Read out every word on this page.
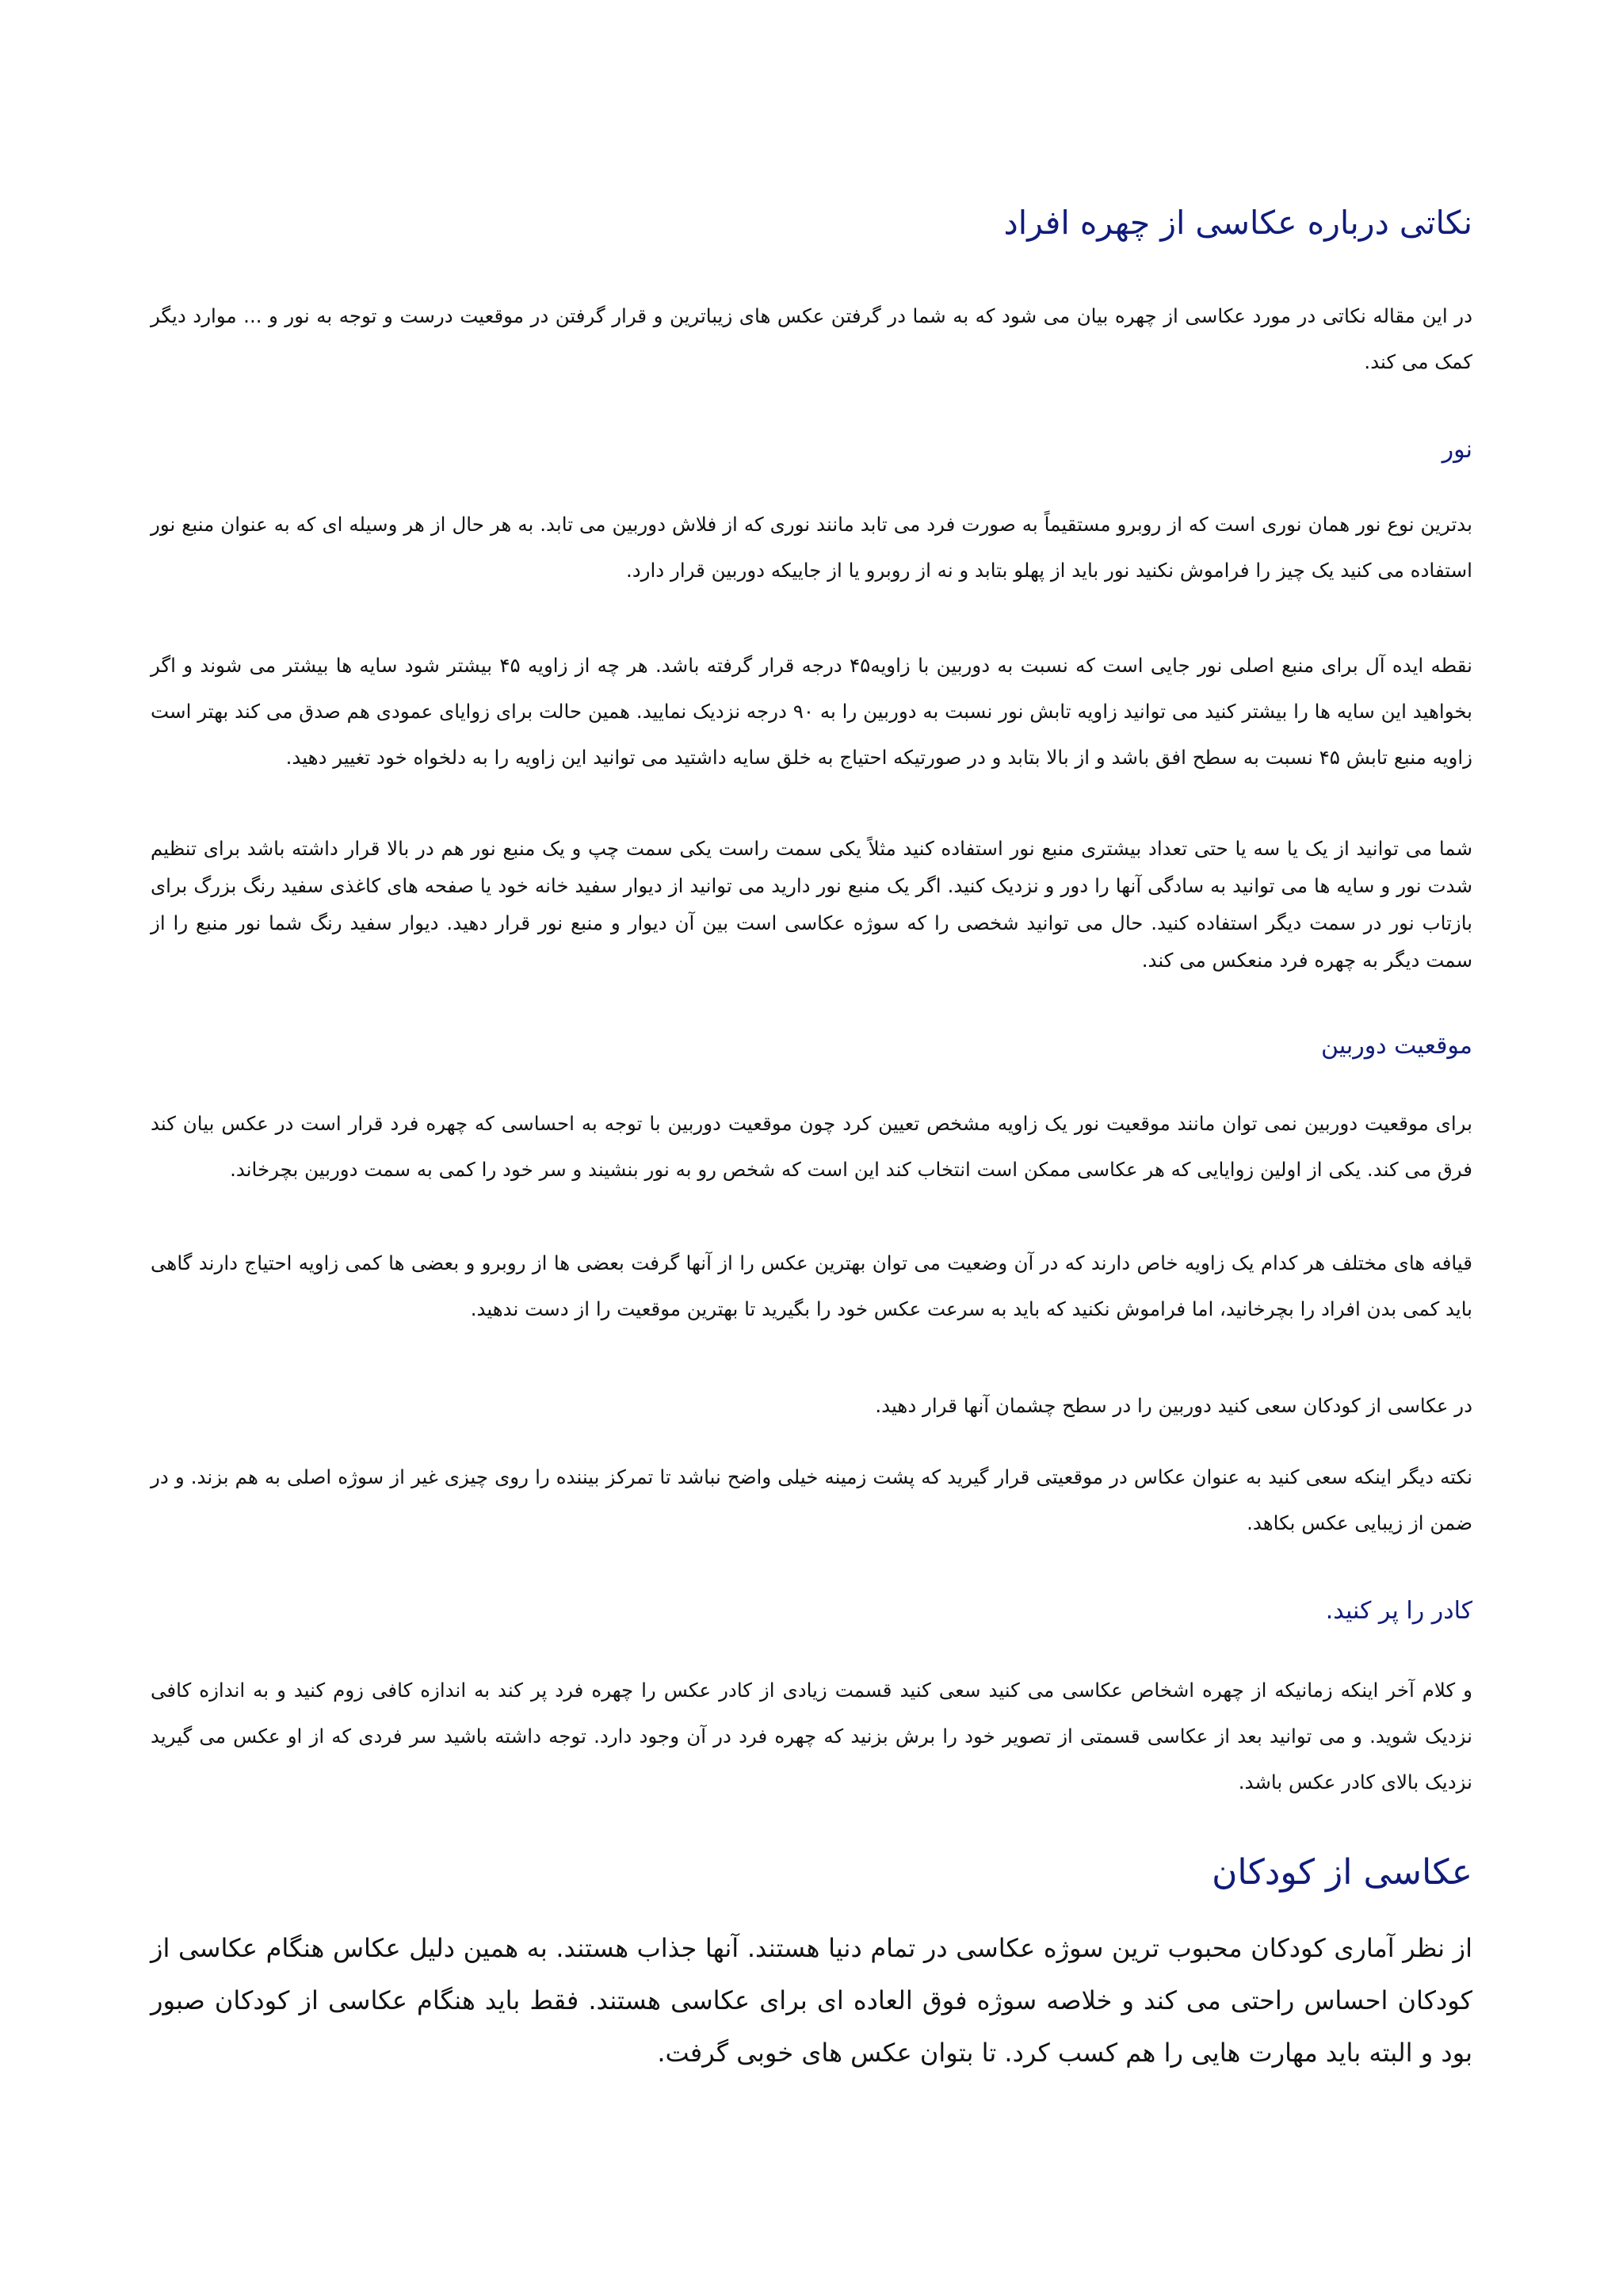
نکاتی درباره عکاسی از چهره افراد

در این مقاله نکاتی در مورد عکاسی از چهره بیان می شود که به شما در گرفتن عکس های زیباترین و قرار گرفتن در موقعیت درست و توجه به نور و ... موارد دیگر کمک می کند.

نور

بدترین نوع نور همان نوری است که از روبرو مستقیماً به صورت فرد می تابد مانند نوری که از فلاش دوربین می تابد. به هر حال از هر وسیله ای که به عنوان منبع نور استفاده می کنید یک چیز را فراموش نکنید نور باید از پهلو بتابد و نه از روبرو یا از جاییکه دوربین قرار دارد.

نقطه ایده آل برای منبع اصلی نور جایی است که نسبت به دوربین با زاویه۴۵ درجه قرار گرفته باشد. هر چه از زاویه ۴۵ بیشتر شود سایه ها بیشتر می شوند و اگر بخواهید این سایه ها را بیشتر کنید می توانید زاویه تابش نور نسبت به دوربین را به ۹۰ درجه نزدیک نمایید. همین حالت برای زوایای عمودی هم صدق می کند بهتر است زاویه منبع تابش ۴۵ نسبت به سطح افق باشد و از بالا بتابد و در صورتیکه احتیاج به خلق سایه داشتید می توانید این زاویه را به دلخواه خود تغییر دهید.

شما می توانید از یک یا سه یا حتی تعداد بیشتری منبع نور استفاده کنید مثلاً یکی سمت راست یکی سمت چپ و یک منبع نور هم در بالا قرار داشته باشد برای تنظیم شدت نور و سایه ها می توانید به سادگی آنها را دور و نزدیک کنید. اگر یک منبع نور دارید می توانید از دیوار سفید خانه خود یا صفحه های کاغذی سفید رنگ بزرگ برای بازتاب نور در سمت دیگر استفاده کنید. حال می توانید شخصی را که سوژه عکاسی است بین آن دیوار و منبع نور قرار دهید. دیوار سفید رنگ شما نور منبع را از سمت دیگر به چهره فرد منعکس می کند.

موقعیت دوربین

برای موقعیت دوربین نمی توان مانند موقعیت نور یک زاویه مشخص تعیین کرد چون موقعیت دوربین با توجه به احساسی که چهره فرد قرار است در عکس بیان کند فرق می کند. یکی از اولین زوایایی که هر عکاسی ممکن است انتخاب کند این است که شخص رو به نور بنشیند و سر خود را کمی به سمت دوربین بچرخاند.

قیافه های مختلف هر کدام یک زاویه خاص دارند که در آن وضعیت می توان بهترین عکس را از آنها گرفت بعضی ها از روبرو و بعضی ها کمی زاویه احتیاج دارند گاهی باید کمی بدن افراد را بچرخانید، اما فراموش نکنید که باید به سرعت عکس خود را بگیرید تا بهترین موقعیت را از دست ندهید.

در عکاسی از کودکان سعی کنید دوربین را در سطح چشمان آنها قرار دهید.

نکته دیگر اینکه سعی کنید به عنوان عکاس در موقعیتی قرار گیرید که پشت زمینه خیلی واضح نباشد تا تمرکز بیننده را روی چیزی غیر از سوژه اصلی به هم بزند. و در ضمن از زیبایی عکس بکاهد.

کادر را پر کنید.

و کلام آخر اینکه زمانیکه از چهره اشخاص عکاسی می کنید سعی کنید قسمت زیادی از کادر عکس را چهره فرد پر کند به اندازه کافی زوم کنید و به اندازه کافی نزدیک شوید. و می توانید بعد از عکاسی قسمتی از تصویر خود را برش بزنید که چهره فرد در آن وجود دارد. توجه داشته باشید سر فردی که از او عکس می گیرید نزدیک بالای کادر عکس باشد.

عکاسی از کودکان

از نظر آماری کودکان محبوب ترین سوژه عکاسی در تمام دنیا هستند. آنها جذاب هستند. به همین دلیل عکاس هنگام عکاسی از کودکان احساس راحتی می کند و خلاصه سوژه فوق العاده ای برای عکاسی هستند. فقط باید هنگام عکاسی از کودکان صبور بود و البته باید مهارت هایی را هم کسب کرد. تا بتوان عکس های خوبی گرفت.
